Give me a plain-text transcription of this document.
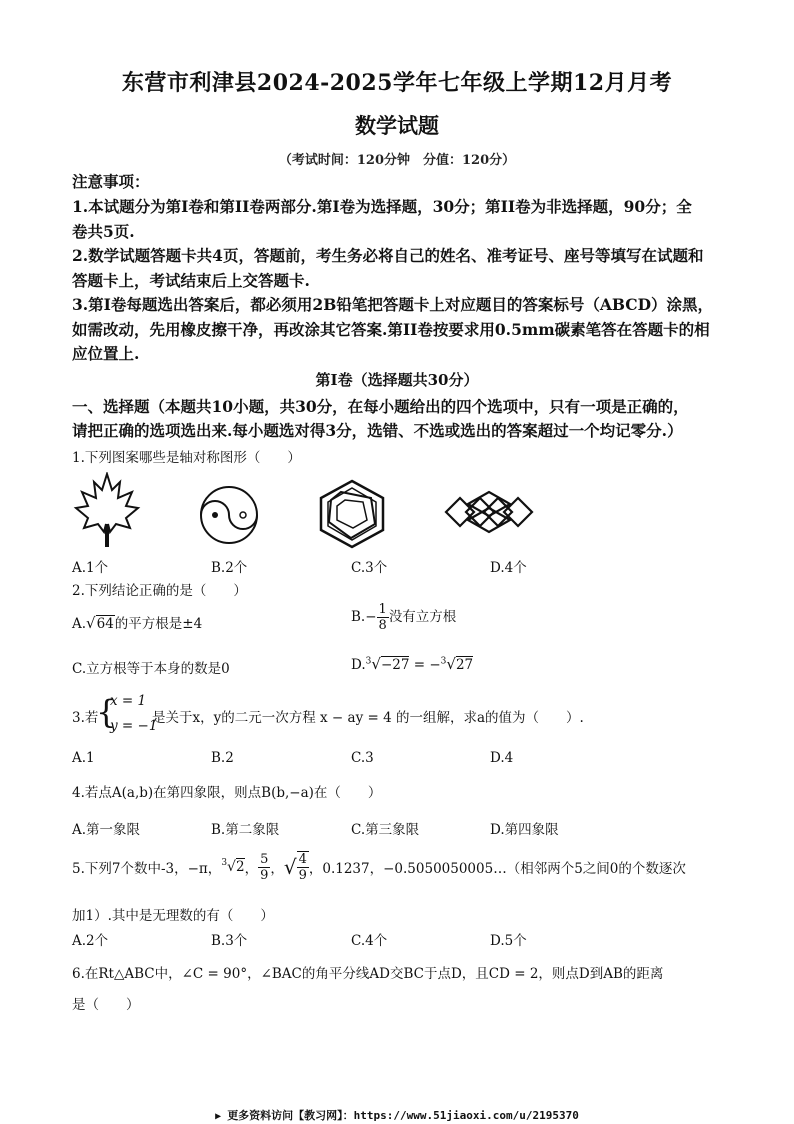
东营市利津县2024-2025学年七年级上学期12月月考
数学试题
（考试时间：120分钟　分值：120分）
注意事项：
1.本试题分为第I卷和第II卷两部分.第I卷为选择题，30分；第II卷为非选择题，90分；全
卷共5页.
2.数学试题答题卡共4页，答题前，考生务必将自己的姓名、准考证号、座号等填写在试题和
答题卡上，考试结束后上交答题卡.
3.第Ⅰ卷每题选出答案后，都必须用2B铅笔把答题卡上对应题目的答案标号（ABCD）涂黑，
如需改动，先用橡皮擦干净，再改涂其它答案.第II卷按要求用0.5mm碳素笔答在答题卡的相
应位置上.
第I卷（选择题共30分）
一、选择题（本题共10小题，共30分，在每小题给出的四个选项中，只有一项是正确的，
请把正确的选项选出来.每小题选对得3分，选错、不选或选出的答案超过一个均记零分.）
1.下列图案哪些是轴对称图形（　　）
A.1个	B.2个	C.3个	D.4个
2.下列结论正确的是（　　）
A.√64的平方根是±4	$B.- \frac{1}{8}$ 没有立方根
C.立方根等于本身的数是0	D.$^3$√−27 = −$^3$√27
3.若
{
x = 1
y = −1
是关于x，y的二元一次方程 x − ay = 4 的一组解，求a的值为（　　）.
A.1	B.2	C.3	D.4
4.若点A(a,b)在第四象限，则点B(b,−a)在（　　）
A.第一象限	B.第二象限	C.第三象限	D.第四象限
5.下列7个数中-3，−π，$^3$√2， $\frac{5}{9}$ ，√ $\frac{4}{9}$ ，0.1237，−0.5050050005…（相邻两个5之间0的个数逐次
加1）.其中是无理数的有（　　）
A.2个	B.3个	C.4个	D.5个
6.在Rt△ABC中，∠C = 90°，∠BAC的角平分线AD交BC于点D，且CD = 2，则点D到AB的距离
是（　　）
▶ 更多资料访问【教习网】：https://www.51jiaoxi.com/u/2195370
